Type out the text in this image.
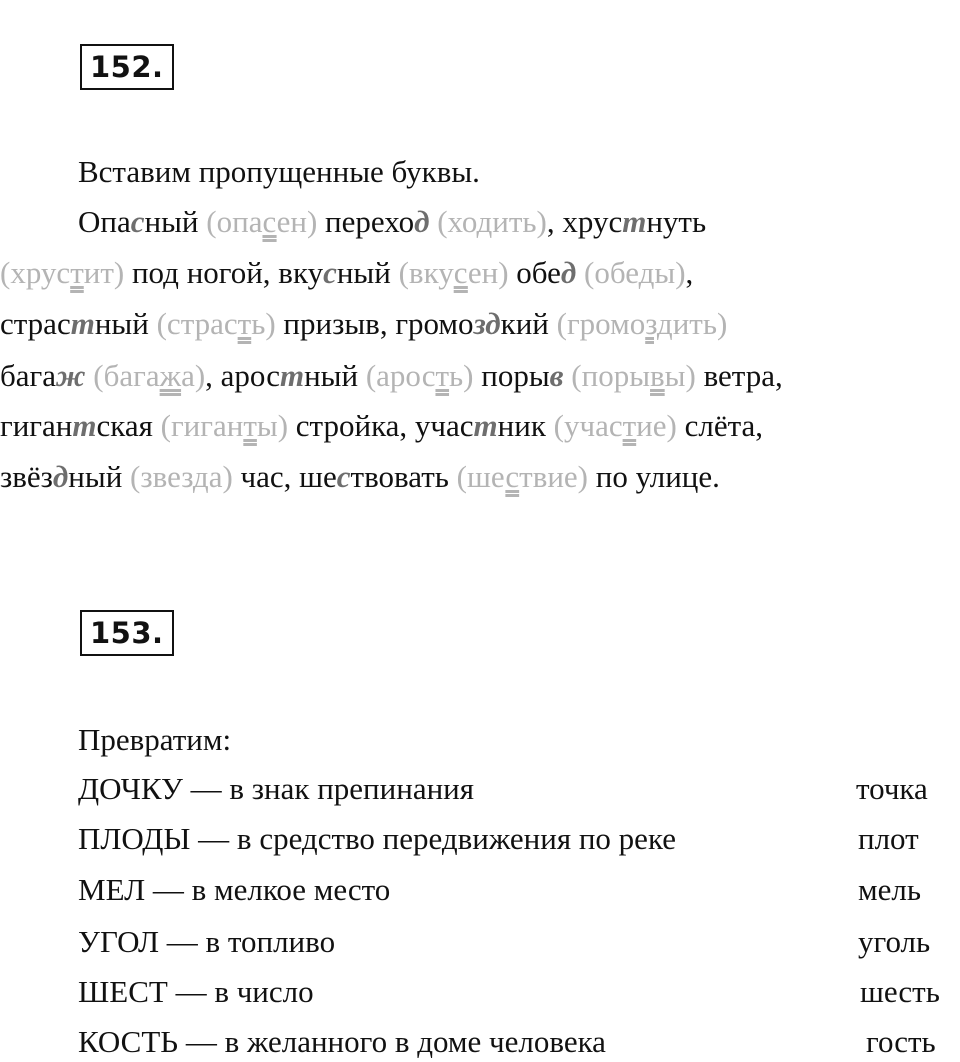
152.
Вставим пропущенные буквы.
Опасный (опасен) переход (ходить), хрустнуть
(хрустит) под ногой, вкусный (вкусен) обед (обеды),
страстный (страсть) призыв, громоздкий (громоздить)
багаж (багажа), аростный (арость) порыв (порывы) ветра,
гигантская (гиганты) стройка, участник (участие) слёта,
звёздный (звезда) час, шествовать (шествие) по улице.
153.
Превратим:
ДОЧКУ — в знак препинания	точка
ПЛОДЫ — в средство передвижения по реке	плот
МЕЛ — в мелкое место	мель
УГОЛ — в топливо	уголь
ШЕСТ — в число	шесть
КОСТЬ — в желанного в доме человека	гость
